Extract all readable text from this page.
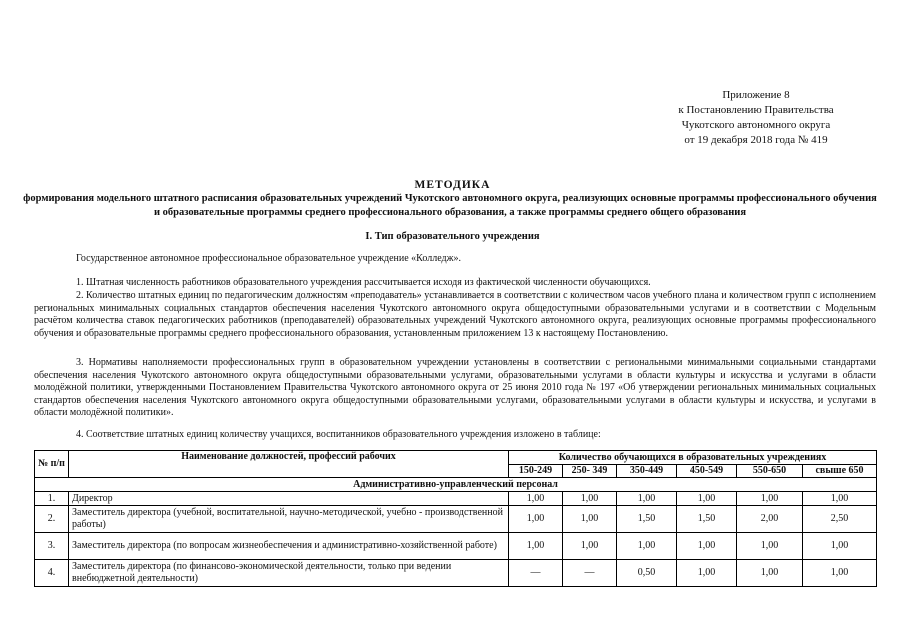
Приложение 8
к Постановлению Правительства
Чукотского автономного округа
от 19 декабря 2018 года № 419
МЕТОДИКА
формирования модельного штатного расписания образовательных учреждений Чукотского автономного округа, реализующих основные программы профессионального обучения и образовательные программы среднего профессионального образования, а также программы среднего общего образования
I. Тип образовательного учреждения
Государственное автономное профессиональное образовательное учреждение «Колледж».
1. Штатная численность работников образовательного учреждения рассчитывается исходя из фактической численности обучающихся.
2. Количество штатных единиц по педагогическим должностям «преподаватель» устанавливается в соответствии с количеством часов учебного плана и количеством групп с исполнением региональных минимальных социальных стандартов обеспечения населения Чукотского автономного округа общедоступными образовательными услугами и в соответствии с Модельным расчётом количества ставок педагогических работников (преподавателей) образовательных учреждений Чукотского автономного округа, реализующих основные программы профессионального обучения и образовательные программы среднего профессионального образования, установленным приложением 13 к настоящему Постановлению.
3. Нормативы наполняемости профессиональных групп в образовательном учреждении установлены в соответствии с региональными минимальными социальными стандартами обеспечения населения Чукотского автономного округа общедоступными образовательными услугами, образовательными услугами в области культуры и искусства и услугами в области молодёжной политики, утвержденными Постановлением Правительства Чукотского автономного округа от 25 июня 2010 года № 197 «Об утверждении региональных минимальных социальных стандартов обеспечения населения Чукотского автономного округа общедоступными образовательными услугами, образовательными услугами в области культуры и искусства, и услугами в области молодёжной политики».
4. Соответствие штатных единиц количеству учащихся, воспитанников образовательного учреждения изложено в таблице:
№ п/п	Наименование должностей, профессий рабочих	Количество обучающихся в образовательных учреждениях					
		150-249	250- 349	350-449	450-549	550-650	свыше 650
Административно-управленческий персонал							
1.	Директор	1,00	1,00	1,00	1,00	1,00	1,00
2.	Заместитель директора (учебной, воспитательной, научно-методической, учебно - производственной работы)	1,00	1,00	1,50	1,50	2,00	2,50
3.	Заместитель директора (по вопросам жизнеобеспечения и административно-хозяйственной работе)	1,00	1,00	1,00	1,00	1,00	1,00
4.	Заместитель директора (по финансово-экономической деятельности, только при ведении внебюджетной деятельности)	—	—	0,50	1,00	1,00	1,00
